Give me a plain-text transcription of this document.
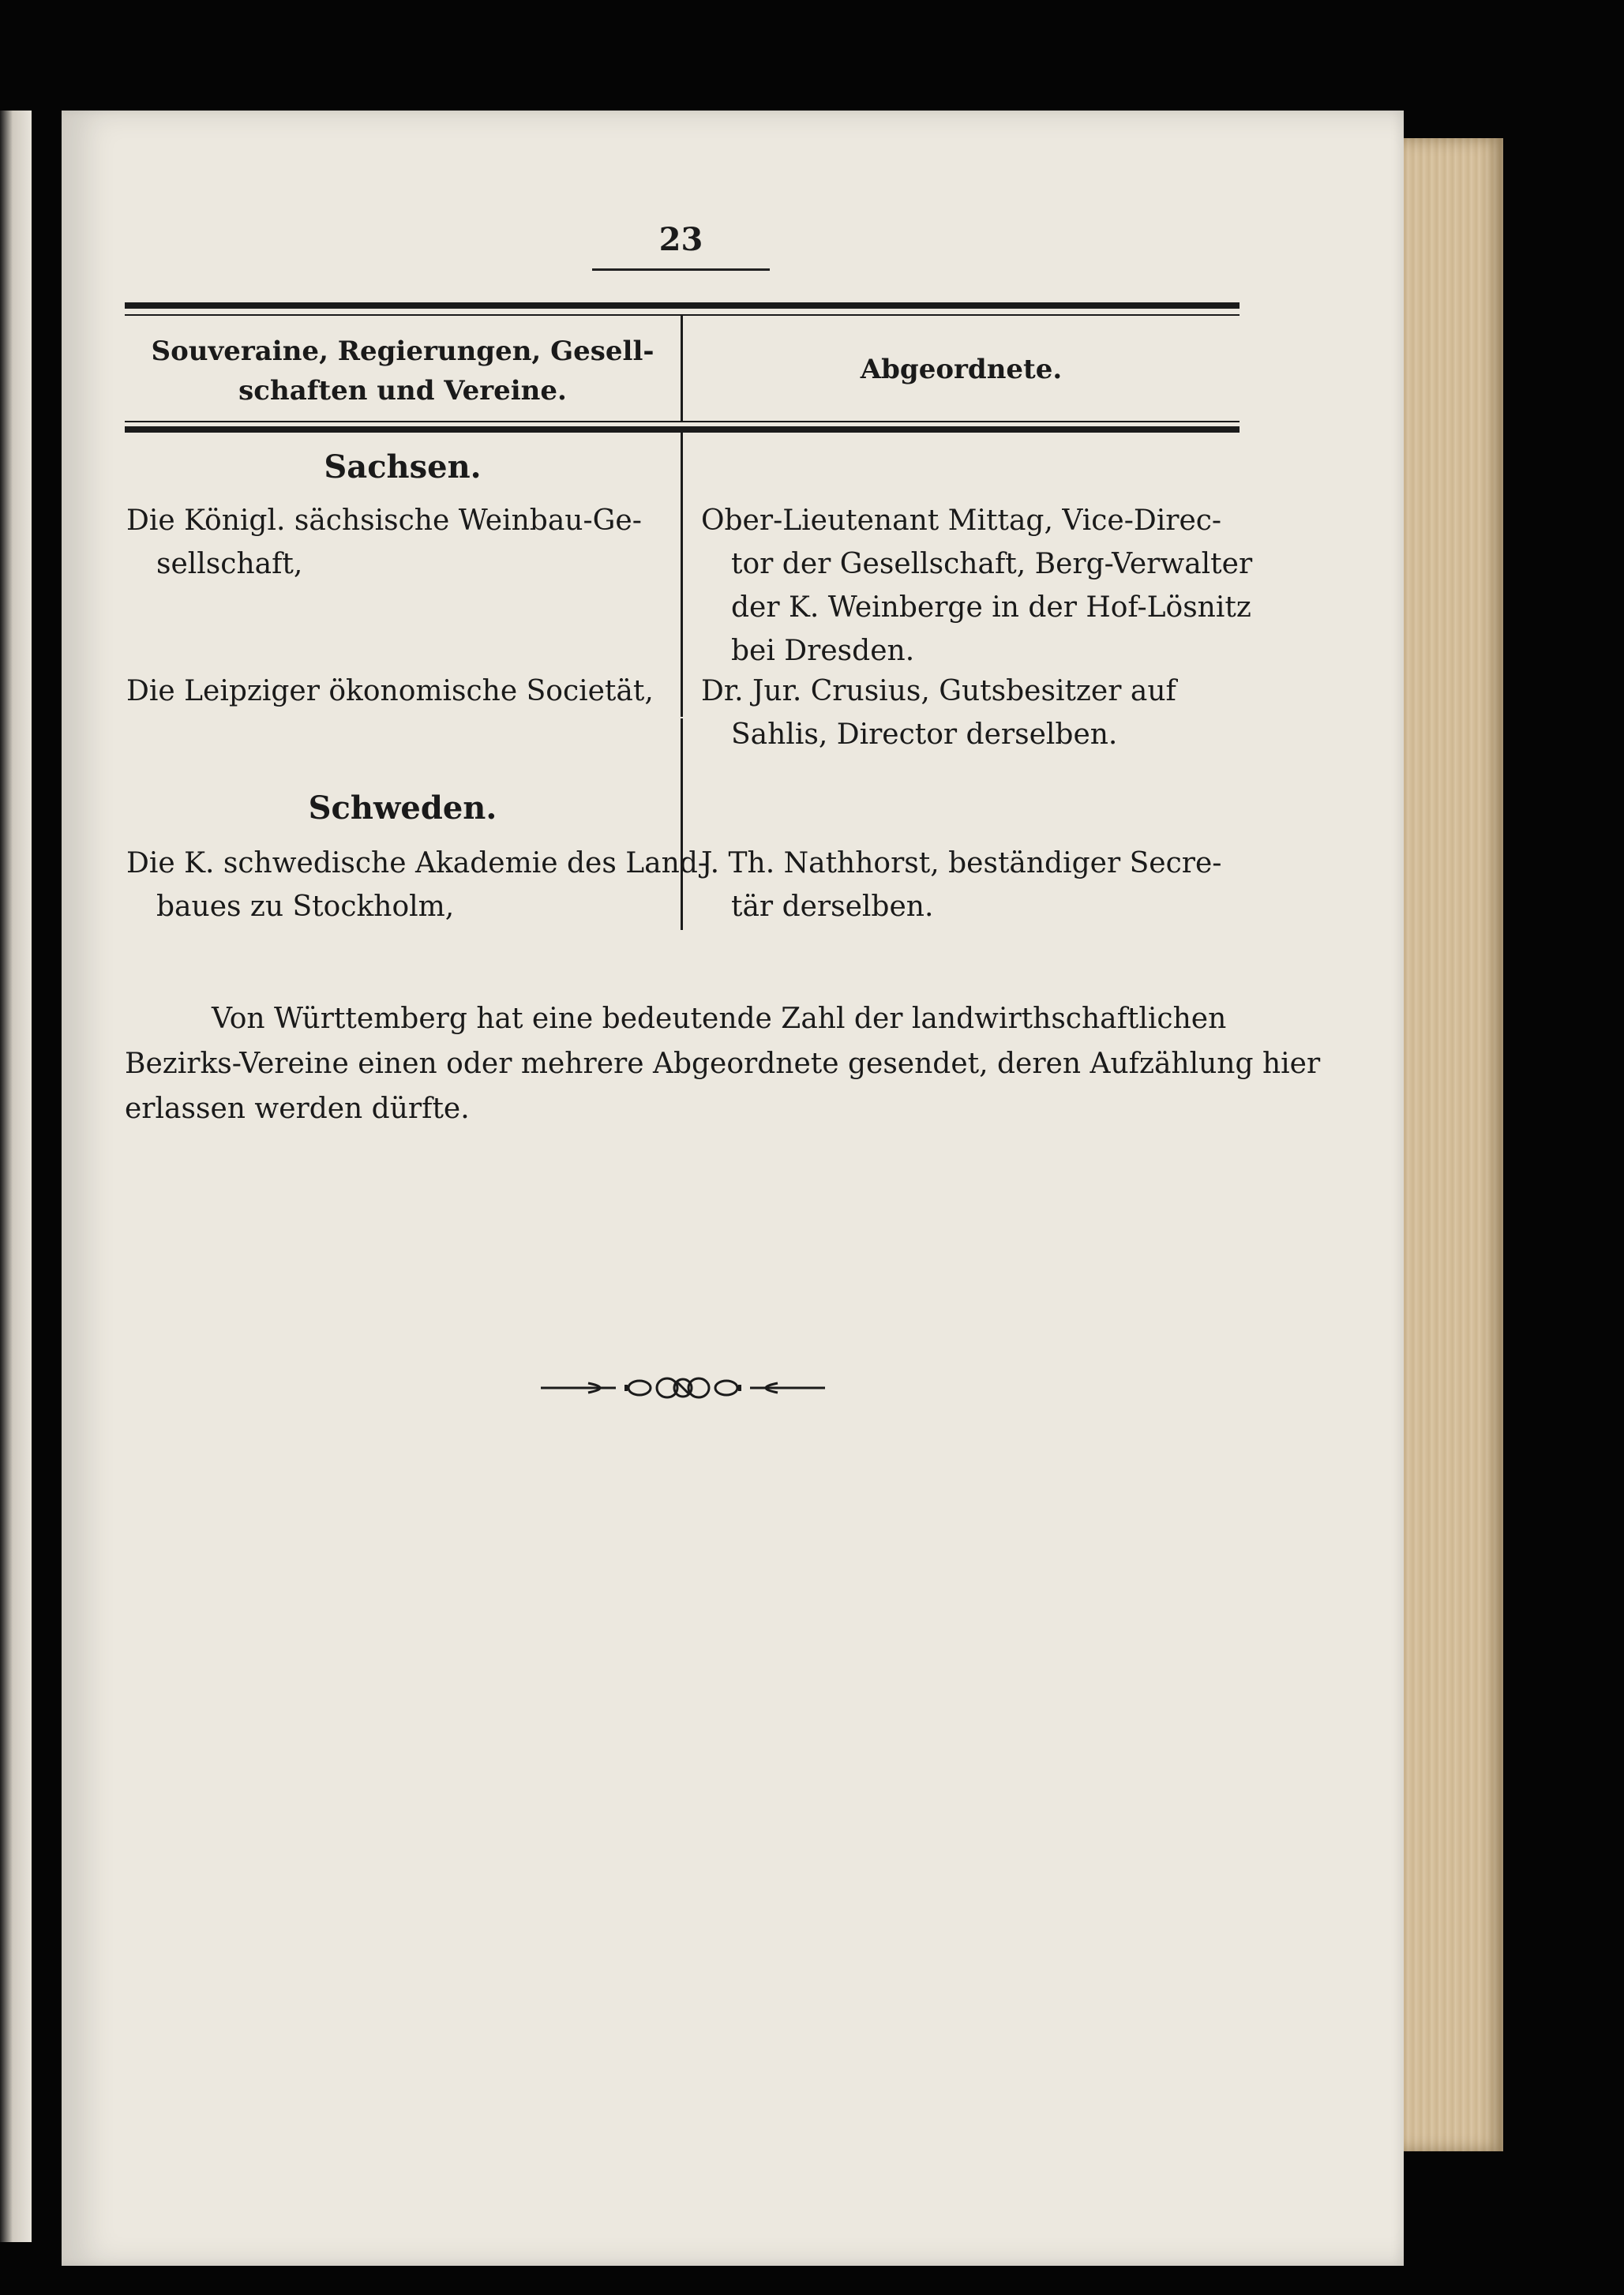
23
Souveraine, Regierungen, Gesell-
schaften und Vereine.
Abgeordnete.
Sachsen.
Die Königl. sächsische Weinbau-Ge-
sellschaft,
Ober-Lieutenant Mittag, Vice-Direc-
tor der Gesellschaft, Berg-Verwalter
der K. Weinberge in der Hof-Lösnitz
bei Dresden.
Die Leipziger ökonomische Societät, Dr. Jur. Crusius, Gutsbesitzer auf
Sahlis, Director derselben.
Schweden.
Die K. schwedische Akademie des Land-
baues zu Stockholm,
J. Th. Nathhorst, beständiger Secre-
tär derselben.
Von Württemberg hat eine bedeutende Zahl der landwirthschaftlichen
Bezirks-Vereine einen oder mehrere Abgeordnete gesendet, deren Aufzählung hier
erlassen werden dürfte.
